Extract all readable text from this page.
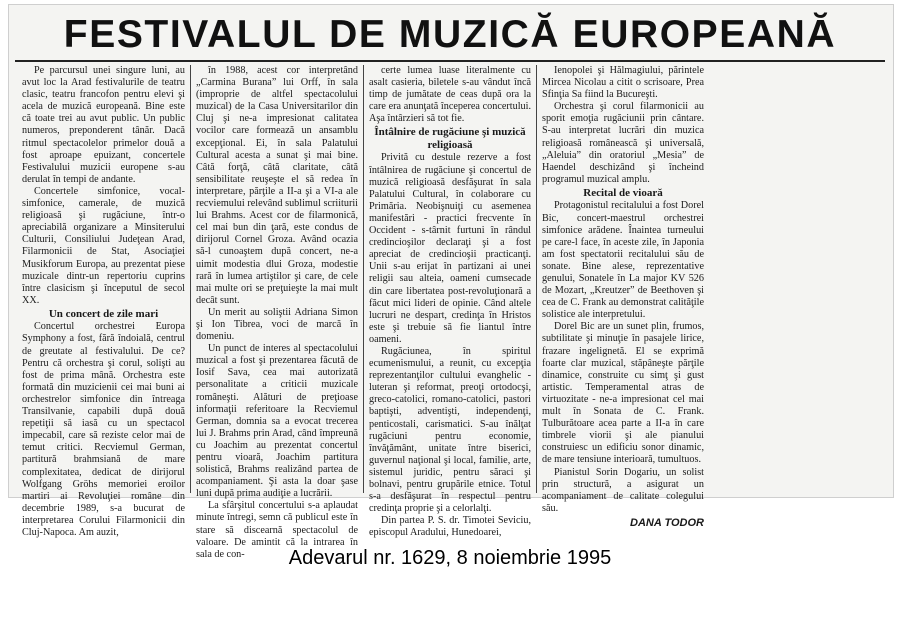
FESTIVALUL DE MUZICĂ EUROPEANĂ

Pe parcursul unei singure luni, au avut loc la Arad festivalurile de teatru clasic, teatru francofon pentru elevi şi acela de muzică europeană. Bine este că toate trei au avut public. Un public numeros, preponderent tânăr. Dacă ritmul spectacolelor primelor două a fost aproape epuizant, concertele Festivalului muzicii europene s-au derulat în tempi de andante.

Concertele simfonice, vocal-simfonice, camerale, de muzică religioasă şi rugăciune, într-o apreciabilă organizare a Minsiterului Culturii, Consiliului Judeţean Arad, Filarmonicii de Stat, Asociaţiei Musikforum Europa, au prezentat piese muzicale dintr-un repertoriu cuprins între clasicism şi începutul de secol XX.

Un concert de zile mari

Concertul orchestrei Europa Symphony a fost, fără îndoială, centrul de greutate al festivalului. De ce? Pentru că orchestra şi corul, solişti au fost de prima mână. Orchestra este formată din muzicienii cei mai buni ai orchestrelor simfonice din întreaga Transilvanie, capabili după două repetiţii să iasă cu un spectacol impecabil, care să reziste celor mai de temut critici. Recviemul German, partitură brahmsiană de mare complexitatea, dedicat de dirijorul Wolfgang Gröhs memoriei eroilor martiri ai Revoluţiei române din decembrie 1989, s-a bucurat de interpretarea Corului Filarmonicii din Cluj-Napoca. Am auzit,

în 1988, acest cor interpretând „Carmina Burana” lui Orff, în sala (improprie de altfel spectacolului muzical) de la Casa Universitarilor din Cluj şi ne-a impresionat calitatea vocilor care formează un ansamblu excepţional. Ei, în sala Palatului Cultural acesta a sunat şi mai bine. Câtă forţă, câtă claritate, câtă sensibilitate reuşeşte el să redea în interpretare, părţile a II-a şi a VI-a ale recviemului relevând sublimul scriiturii lui Brahms. Acest cor de filarmonică, cel mai bun din ţară, este condus de dirijorul Cornel Groza. Având ocazia să-l cunoaştem după concert, ne-a uimit modestia dlui Groza, modestie rară în lumea artiştilor şi care, de cele mai multe ori se preţuieşte la mai mult decât sunt.

Un merit au soliştii Adriana Simon şi Ion Tibrea, voci de marcă în domeniu.

Un punct de interes al spectacolului muzical a fost şi prezentarea făcută de Iosif Sava, cea mai autorizată personalitate a criticii muzicale româneşti. Alături de preţioase informaţii referitoare la Recviemul German, domnia sa a evocat trecerea lui J. Brahms prin Arad, când împreună cu Joachim au prezentat concertul pentru vioară, Joachim partitura solistică, Brahms realizând partea de acompaniament. Şi asta la doar şase luni după prima audiţie a lucrării.

La sfârşitul concertului s-a aplaudat minute întregi, semn că publicul este în stare să discearnă spectacolul de valoare. De amintit că la intrarea în sala de con-

certe lumea luase literalmente cu asalt casieria, biletele s-au vândut încă timp de jumătate de ceas după ora la care era anunţată începerea concertului. Aşa întârzieri să tot fie.

Întâlnire de rugăciune şi muzică religioasă

Privită cu destule rezerve a fost întâlnirea de rugăciune şi concertul de muzică religioasă desfăşurat în sala Palatului Cultural, în colaborare cu Primăria. Neobişnuiţi cu asemenea manifestări - practici frecvente în Occident - s-târnit furtuni în rândul credincioşilor declaraţi şi a fost apreciat de credincioşii practicanţi. Unii s-au erijat în partizani ai unei religii sau alteia, oameni cumsecade din care libertatea post-revoluţionară a făcut mici lideri de opinie. Când altele lucruri ne despart, credinţa în Hristos este şi trebuie să fie liantul între oameni.

Rugăciunea, în spiritul ecumenismului, a reunit, cu excepţia reprezentanţilor cultului evanghelic - luteran şi reformat, preoţi ortodocşi, greco-catolici, romano-catolici, pastori baptişti, adventişti, independenţi, penticostali, carismatici. S-au înălţat rugăciuni pentru economie, învăţământ, unitate între biserici, guvernul naţional şi local, familie, arte, sistemul juridic, pentru săraci şi bolnavi, pentru grupările etnice. Totul s-a desfăşurat în respectul pentru credinţa proprie şi a celorlalţi.

Din partea P. S. dr. Timotei Seviciu, episcopul Aradului, Hunedoarei,

Ienopolei şi Hălmagiului, părintele Mircea Nicolau a citit o scrisoare, Prea Sfinţia Sa fiind la Bucureşti.

Orchestra şi corul filarmonicii au sporit emoţia rugăciunii prin cântare. S-au interpretat lucrări din muzica religioasă românească şi universală, „Aleluia” din oratoriul „Mesia” de Haendel deschizând şi încheind programul muzical amplu.

Recital de vioară

Protagonistul recitalului a fost Dorel Bic, concert-maestrul orchestrei simfonice arădene. Înaintea turneului pe care-l face, în aceste zile, în Japonia am fost spectatorii recitalului său de sonate. Bine alese, reprezentative genului, Sonatele în La major KV 526 de Mozart, „Kreutzer” de Beethoven şi cea de C. Frank au demonstrat calităţile solistice ale interpretului.

Dorel Bic are un sunet plin, frumos, subtilitate şi minuţie în pasajele lirice, frazare ingelignetă. El se exprimă foarte clar muzical, stăpâneşte părţile dinamice, construite cu simţ şi gust artistic. Temperamental atras de virtuozitate - ne-a impresionat cel mai mult în Sonata de C. Frank. Tulburătoare acea parte a II-a în care timbrele viorii şi ale pianului construiesc un edificiu sonor dinamic, de mare tensiune interioară, tumultuos.

Pianistul Sorin Dogariu, un solist prin structură, a asigurat un acompaniament de calitate colegului său.

DANA TODOR

Adevarul nr. 1629, 8 noiembrie 1995
